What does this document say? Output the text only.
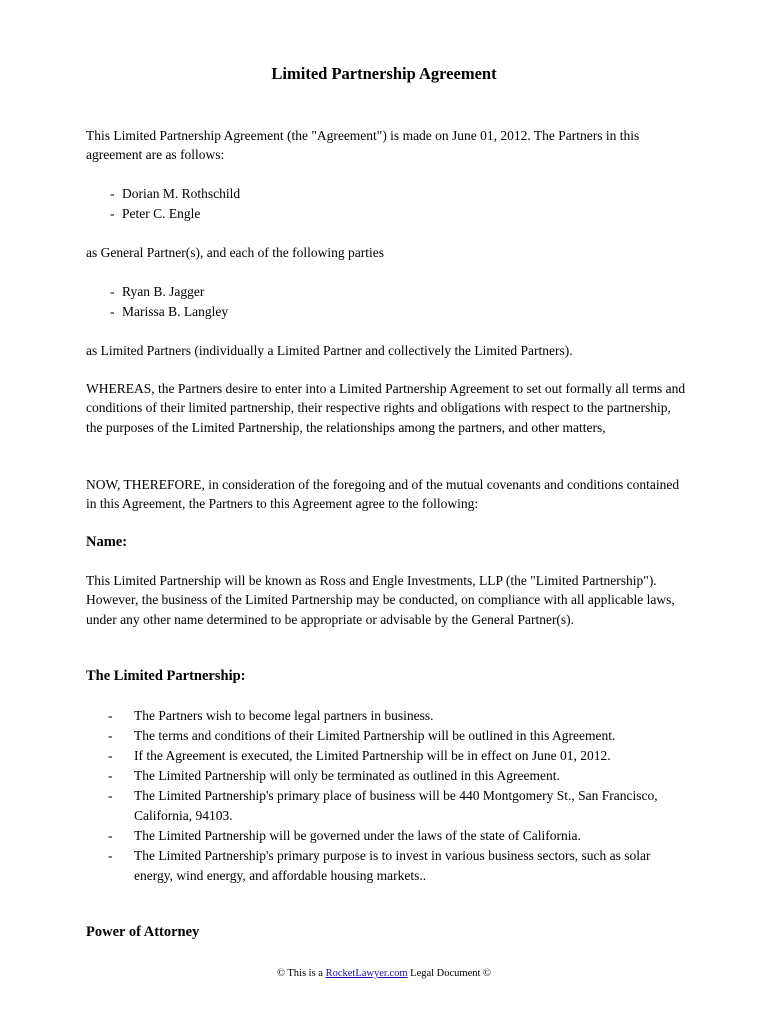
Limited Partnership Agreement

This Limited Partnership Agreement (the "Agreement") is made on June 01, 2012. The Partners in this agreement are as follows:

- Dorian M. Rothschild
- Peter C. Engle

as General Partner(s), and each of the following parties

- Ryan B. Jagger
- Marissa B. Langley

as Limited Partners (individually a Limited Partner and collectively the Limited Partners).

WHEREAS, the Partners desire to enter into a Limited Partnership Agreement to set out formally all terms and conditions of their limited partnership, their respective rights and obligations with respect to the partnership, the purposes of the Limited Partnership, the relationships among the partners, and other matters,

NOW, THEREFORE, in consideration of the foregoing and of the mutual covenants and conditions contained in this Agreement, the Partners to this Agreement agree to the following:

Name:

This Limited Partnership will be known as Ross and Engle Investments, LLP (the "Limited Partnership"). However, the business of the Limited Partnership may be conducted, on compliance with all applicable laws, under any other name determined to be appropriate or advisable by the General Partner(s).

The Limited Partnership:
- The Partners wish to become legal partners in business.
- The terms and conditions of their Limited Partnership will be outlined in this Agreement.
- If the Agreement is executed, the Limited Partnership will be in effect on June 01, 2012.
- The Limited Partnership will only be terminated as outlined in this Agreement.
- The Limited Partnership's primary place of business will be 440 Montgomery St., San Francisco, California, 94103.
- The Limited Partnership will be governed under the laws of the state of California.
- The Limited Partnership's primary purpose is to invest in various business sectors, such as solar energy, wind energy, and affordable housing markets..
Power of Attorney
© This is a RocketLawyer.com Legal Document ©
